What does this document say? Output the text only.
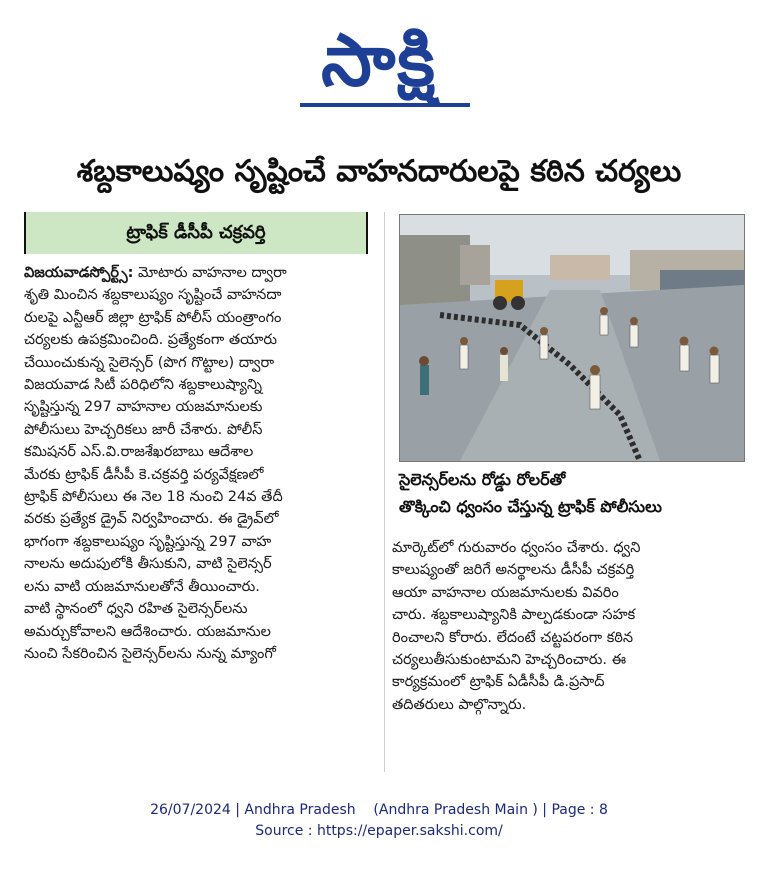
సాక్షి
శబ్దకాలుష్యం సృష్టించే వాహనదారులపై కఠిన చర్యలు
ట్రాఫిక్ డీసీపీ చక్రవర్తి
విజయవాడస్పోర్ట్స్: మోటారు వాహనాల ద్వారా
శృతి మించిన శబ్దకాలుష్యం సృష్టించే వాహనదా
రులపై ఎన్టీఆర్ జిల్లా ట్రాఫిక్ పోలీస్ యంత్రాంగం
చర్యలకు ఉపక్రమించింది. ప్రత్యేకంగా తయారు
చేయించుకున్న సైలెన్సర్ (పొగ గొట్టాల) ద్వారా
విజయవాడ సిటీ పరిధిలోని శబ్దకాలుష్యాన్ని
సృష్టిస్తున్న 297 వాహనాల యజమానులకు
పోలీసులు హెచ్చరికలు జారీ చేశారు. పోలీస్
కమిషనర్ ఎస్.వి.రాజశేఖరబాబు ఆదేశాల
మేరకు ట్రాఫిక్ డీసీపీ కె.చక్రవర్తి పర్యవేక్షణలో
ట్రాఫిక్ పోలీసులు ఈ నెల 18 నుంచి 24వ తేదీ
వరకు ప్రత్యేక డ్రైవ్ నిర్వహించారు. ఈ డ్రైవ్‌లో
భాగంగా శబ్దకాలుష్యం సృష్టిస్తున్న 297 వాహ
నాలను అదుపులోకి తీసుకుని, వాటి సైలెన్సర్
లను వాటి యజమానులతోనే తీయించారు.
వాటి స్థానంలో ధ్వని రహిత సైలెన్సర్‌లను
అమర్చుకోవాలని ఆదేశించారు. యజమానుల
నుంచి సేకరించిన సైలెన్సర్‌లను నున్న మ్యాంగో
సైలెన్సర్‌లను రోడ్డు రోలర్‌తో
తొక్కించి ధ్వంసం చేస్తున్న ట్రాఫిక్ పోలీసులు
మార్కెట్‌లో గురువారం ధ్వంసం చేశారు. ధ్వని
కాలుష్యంతో జరిగే అనర్థాలను డీసీపీ చక్రవర్తి
ఆయా వాహనాల యజమానులకు వివరిం
చారు. శబ్దకాలుష్యానికి పాల్పడకుండా సహక
రించాలని కోరారు. లేదంటే చట్టపరంగా కఠిన
చర్యలుతీసుకుంటామని హెచ్చరించారు. ఈ
కార్యక్రమంలో ట్రాఫిక్ ఏడీసీపీ డి.ప్రసాద్
తదితరులు పాల్గొన్నారు.
26/07/2024 | Andhra Pradesh    (Andhra Pradesh Main ) | Page : 8
Source : https://epaper.sakshi.com/
